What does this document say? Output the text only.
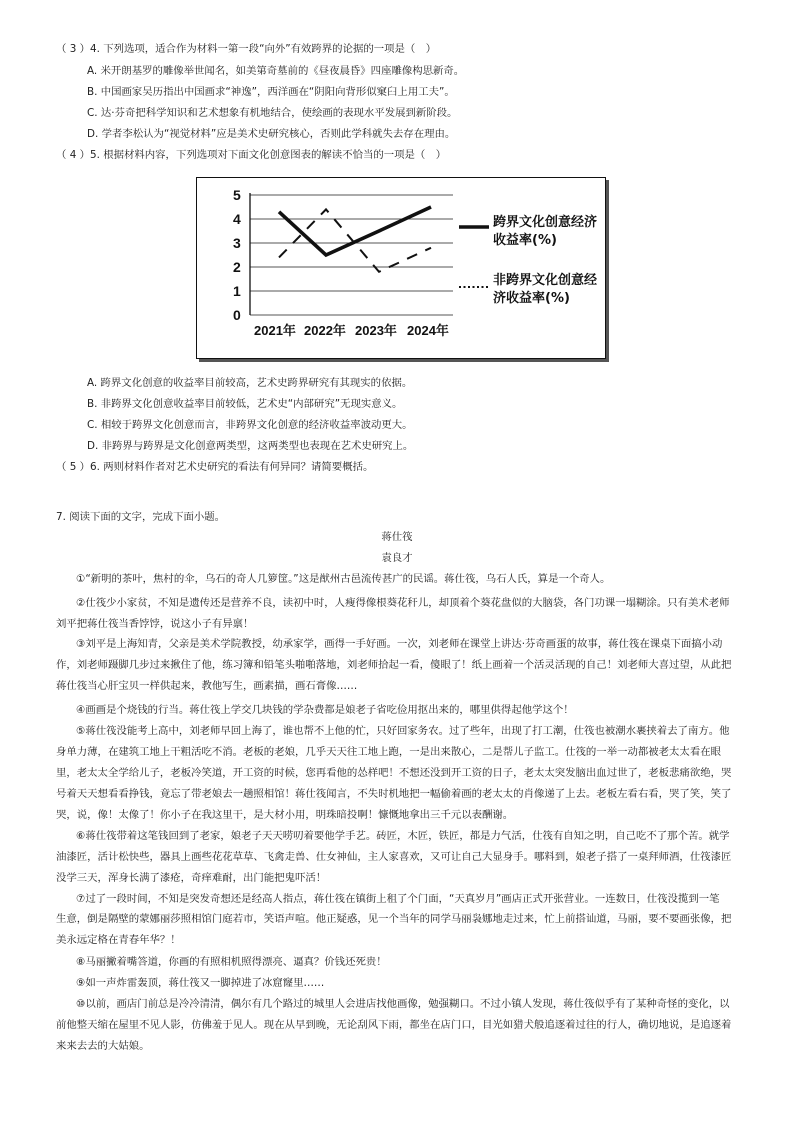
（ 3 ）4. 下列选项，适合作为材料一第一段“向外”有效跨界的论据的一项是（　）
A. 米开朗基罗的雕像举世闻名，如美第奇墓前的《昼夜晨昏》四座雕像构思新奇。
B. 中国画家吴历指出中国画求“神逸”，西洋画在“阴阳向背形似窠臼上用工夫”。
C. 达·芬奇把科学知识和艺术想象有机地结合，使绘画的表现水平发展到新阶段。
D. 学者李松认为“视觉材料”应是美术史研究核心，否则此学科就失去存在理由。
（ 4 ）5. 根据材料内容，下列选项对下面文化创意图表的解读不恰当的一项是（　）
0
1
2
3
4
5
2021年 2022年 2023年 2024年
跨界文化创意经济
收益率(%)
非跨界文化创意经
济收益率(%)
A. 跨界文化创意的收益率目前较高，艺术史跨界研究有其现实的依据。
B. 非跨界文化创意收益率目前较低，艺术史“内部研究”无现实意义。
C. 相较于跨界文化创意而言，非跨界文化创意的经济收益率波动更大。
D. 非跨界与跨界是文化创意两类型，这两类型也表现在艺术史研究上。
（ 5 ）6. 两则材料作者对艺术史研究的看法有何异同？请简要概括。
7. 阅读下面的文字，完成下面小题。
蒋仕筏
袁良才
①“新明的茶叶，焦村的伞，乌石的奇人几箩筐。”这是猷州古邑流传甚广的民谣。蒋仕筏，乌石人氏，算是一个奇人。
②仕筏少小家贫，不知是遗传还是营养不良，读初中时，人瘦得像根葵花秆儿，却顶着个葵花盘似的大脑袋，各门功课一塌糊涂。只有美术老师
刘平把蒋仕筏当香饽饽，说这小子有异禀！
③刘平是上海知青，父亲是美术学院教授，幼承家学，画得一手好画。一次，刘老师在课堂上讲达·芬奇画蛋的故事，蒋仕筏在课桌下面搞小动
作，刘老师蹑脚几步过来揪住了他，练习簿和铅笔头啪啪落地，刘老师拾起一看，傻眼了！纸上画着一个活灵活现的自己！刘老师大喜过望，从此把
蒋仕筏当心肝宝贝一样供起来，教他写生，画素描，画石膏像……
④画画是个烧钱的行当。蒋仕筏上学交几块钱的学杂费都是娘老子省吃俭用抠出来的，哪里供得起他学这个！
⑤蒋仕筏没能考上高中，刘老师早回上海了，谁也帮不上他的忙，只好回家务农。过了些年，出现了打工潮，仕筏也被潮水裹挟着去了南方。他
身单力薄，在建筑工地上干粗活吃不消。老板的老娘，几乎天天往工地上跑，一是出来散心，二是帮儿子监工。仕筏的一举一动都被老太太看在眼
里，老太太全学给儿子，老板冷笑道，开工资的时候，您再看他的怂样吧！不想还没到开工资的日子，老太太突发脑出血过世了，老板悲痛欲绝，哭
号着天天想看看挣钱，竟忘了带老娘去一趟照相馆！蒋仕筏闻言，不失时机地把一幅偷着画的老太太的肖像递了上去。老板左看右看，哭了笑，笑了
哭，说，像！太像了！你小子在我这里干，是大材小用，明珠暗投啊！慷慨地拿出三千元以表酬谢。
⑥蒋仕筏带着这笔钱回到了老家，娘老子天天唠叨着要他学手艺。砖匠，木匠，铁匠，都是力气活，仕筏有自知之明，自己吃不了那个苦。就学
油漆匠，活计松快些，器具上画些花花草草、飞禽走兽、仕女神仙，主人家喜欢，又可让自己大显身手。哪料到，娘老子搭了一桌拜师酒，仕筏漆匠
没学三天，浑身长满了漆疮，奇痒难耐，出门能把鬼吓活！
⑦过了一段时间，不知是突发奇想还是经高人指点，蒋仕筏在镇街上租了个门面，“天真岁月”画店正式开张营业。一连数日，仕筏没揽到一笔
生意，倒是隔壁的蒙娜丽莎照相馆门庭若市，笑语声喧。他正疑惑，见一个当年的同学马丽袅娜地走过来，忙上前搭讪道，马丽，要不要画张像，把
美永远定格在青春年华？！
⑧马丽撇着嘴答道，你画的有照相机照得漂亮、逼真？价钱还死贵！
⑨如一声炸雷轰顶，蒋仕筏又一脚掉进了冰窟窿里……
⑩以前，画店门前总是冷冷清清，偶尔有几个路过的城里人会进店找他画像，勉强糊口。不过小镇人发现，蒋仕筏似乎有了某种奇怪的变化，以
前他整天缩在屋里不见人影，仿佛羞于见人。现在从早到晚，无论刮风下雨，都坐在店门口，目光如猎犬般追逐着过往的行人，确切地说，是追逐着
来来去去的大姑娘。
